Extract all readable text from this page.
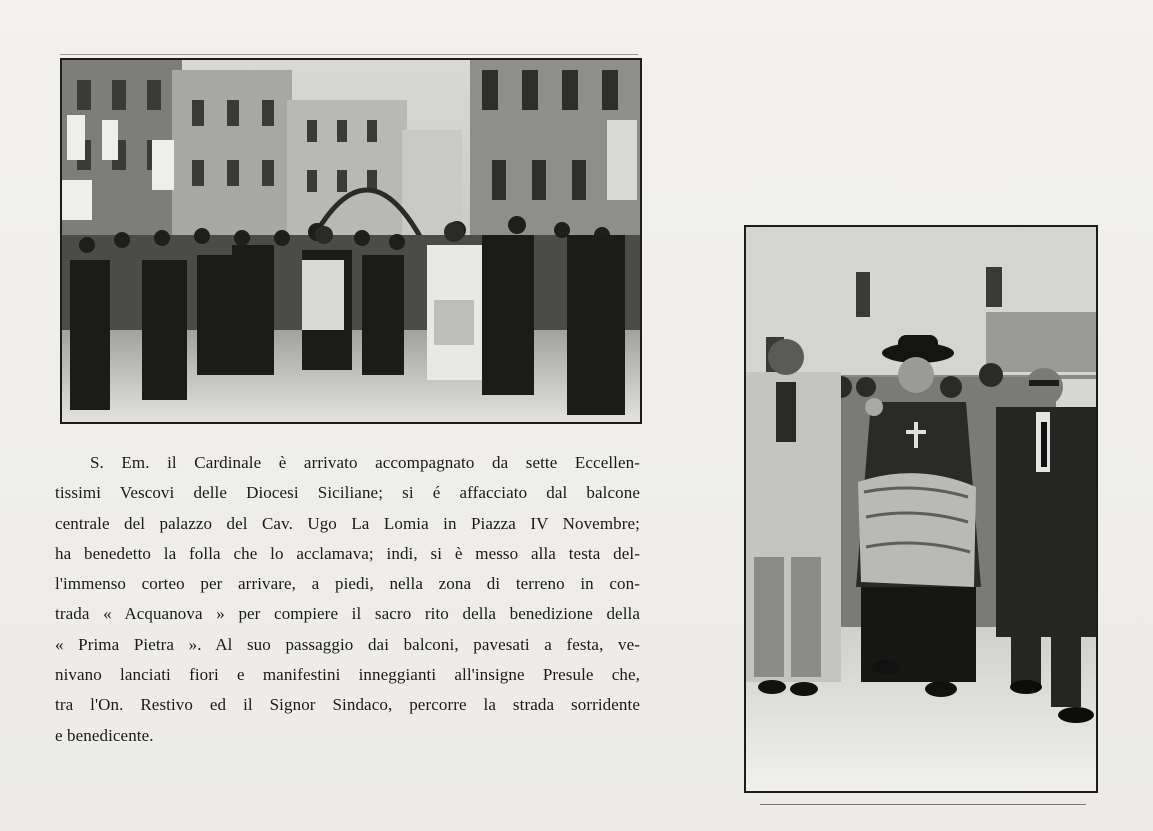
S. Em. il Cardinale è arrivato accompagnato da sette Eccellen-
tissimi Vescovi delle Diocesi Siciliane; si é affacciato dal balcone
centrale del palazzo del Cav. Ugo La Lomia in Piazza IV Novembre;
ha benedetto la folla che lo acclamava; indi, si è messo alla testa del-
l'immenso corteo per arrivare, a piedi, nella zona di terreno in con-
trada « Acquanova » per compiere il sacro rito della benedizione della
« Prima Pietra ». Al suo passaggio dai balconi, pavesati a festa, ve-
nivano lanciati fiori e manifestini inneggianti all'insigne Presule che,
tra l'On. Restivo ed il Signor Sindaco, percorre la strada sorridente
e benedicente.
